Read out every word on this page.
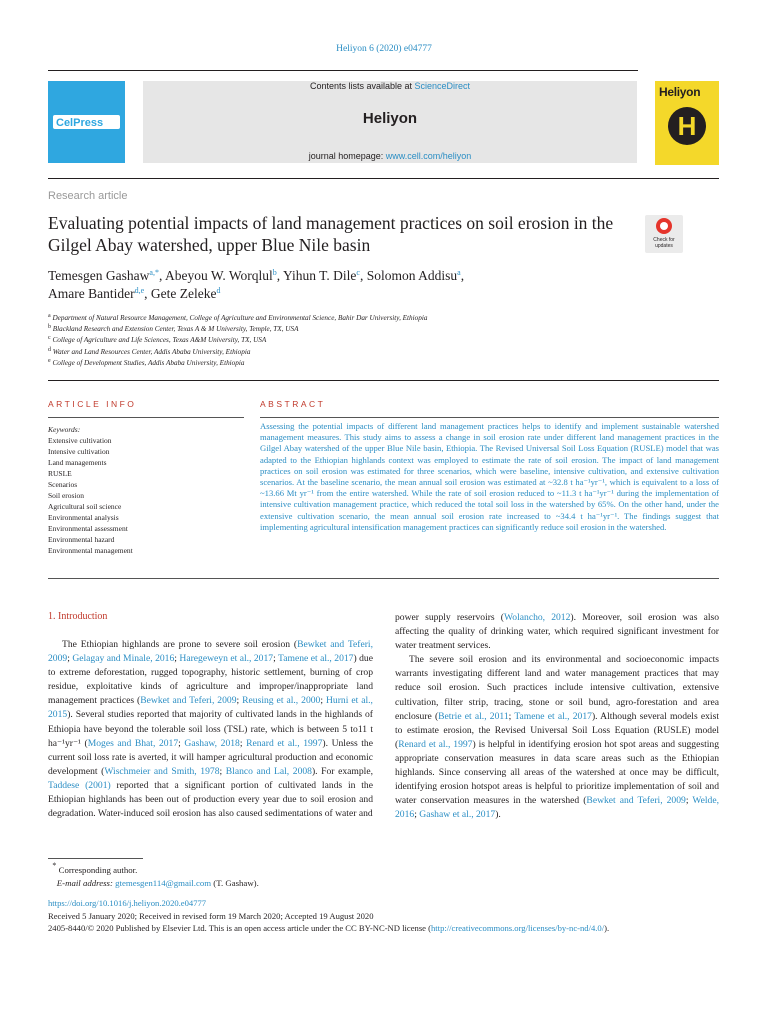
Heliyon 6 (2020) e04777
CelPress
Contents lists available at ScienceDirect
Heliyon
journal homepage: www.cell.com/heliyon
Heliyon
H
Research article
Evaluating potential impacts of land management practices on soil erosion in the Gilgel Abay watershed, upper Blue Nile basin	Check for updates
Temesgen Gashaw$^{a,*}$, Abeyou W. Worqlul$^b$, Yihun T. Dile$^c$, Solomon Addisu$^a$,
Amare Bantider$^{d,e}$, Gete Zeleke$^d$
$^a$ Department of Natural Resource Management, College of Agriculture and Environmental Science, Bahir Dar University, Ethiopia
$^b$ Blackland Research and Extension Center, Texas A & M University, Temple, TX, USA
$^c$ College of Agriculture and Life Sciences, Texas A&M University, TX, USA
$^d$ Water and Land Resources Center, Addis Ababa University, Ethiopia
$^e$ College of Development Studies, Addis Ababa University, Ethiopia
ARTICLE INFO	ABSTRACT
Keywords:
Extensive cultivation
Intensive cultivation
Land managements
RUSLE
Scenarios
Soil erosion
Agricultural soil science
Environmental analysis
Environmental assessment
Environmental hazard
Environmental management
Assessing the potential impacts of different land management practices helps to identify and implement sustainable watershed management measures. This study aims to assess a change in soil erosion rate under different land management practices in the Gilgel Abay watershed of the upper Blue Nile basin, Ethiopia. The Revised Universal Soil Loss Equation (RUSLE) model that was adapted to the Ethiopian highlands context was employed to estimate the rate of soil erosion. The impact of land management practices on soil erosion was estimated for three scenarios, which were baseline, intensive cultivation, and extensive cultivation scenarios. At the baseline scenario, the mean annual soil erosion was estimated at ~32.8 t ha⁻¹yr⁻¹, which is equivalent to a loss of ~13.66 Mt yr⁻¹ from the entire watershed. While the rate of soil erosion reduced to ~11.3 t ha⁻¹yr⁻¹ during the implementation of intensive cultivation management practice, which reduced the total soil loss in the watershed by 65%. On the other hand, under the extensive cultivation scenario, the mean annual soil erosion rate increased to ~34.4 t ha⁻¹yr⁻¹. The findings suggest that implementing agricultural intensification management practices can significantly reduce soil erosion in the watershed.
1. Introduction

The Ethiopian highlands are prone to severe soil erosion (Bewket and Teferi, 2009; Gelagay and Minale, 2016; Haregeweyn et al., 2017; Tamene et al., 2017) due to extreme deforestation, rugged topography, historic settlement, burning of crop residue, exploitative kinds of agriculture and improper/inappropriate land management practices (Bewket and Teferi, 2009; Reusing et al., 2000; Hurni et al., 2015). Several studies reported that majority of cultivated lands in the highlands of Ethiopia have beyond the tolerable soil loss (TSL) rate, which is between 5 to11 t ha⁻¹yr⁻¹ (Moges and Bhat, 2017; Gashaw, 2018; Renard et al., 1997). Unless the current soil loss rate is averted, it will hamper agricultural production and economic development (Wischmeier and Smith, 1978; Blanco and Lal, 2008). For example, Taddese (2001) reported that a significant portion of cultivated lands in the Ethiopian highlands has been out of production every year due to soil erosion and degradation. Water-induced soil erosion has also caused sedimentations of water and

power supply reservoirs (Wolancho, 2012). Moreover, soil erosion was also affecting the quality of drinking water, which required significant investment for water treatment services.

The severe soil erosion and its environmental and socioeconomic impacts warrants investigating different land and water management practices that may reduce soil erosion. Such practices include intensive cultivation, extensive cultivation, filter strip, tracing, stone or soil bund, agro-forestation and area enclosure (Betrie et al., 2011; Tamene et al., 2017). Although several models exist to estimate erosion, the Revised Universal Soil Loss Equation (RUSLE) model (Renard et al., 1997) is helpful in identifying erosion hot spot areas and suggesting appropriate conservation measures in data scare areas such as the Ethiopian highlands. Since conserving all areas of the watershed at once may be difficult, identifying erosion hotspot areas is helpful to prioritize implementation of soil and water conservation measures in the watershed (Bewket and Teferi, 2009; Welde, 2016; Gashaw et al., 2017).

* Corresponding author.
E-mail address: gtemesgen114@gmail.com (T. Gashaw).
https://doi.org/10.1016/j.heliyon.2020.e04777
Received 5 January 2020; Received in revised form 19 March 2020; Accepted 19 August 2020
2405-8440/© 2020 Published by Elsevier Ltd. This is an open access article under the CC BY-NC-ND license (http://creativecommons.org/licenses/by-nc-nd/4.0/).
